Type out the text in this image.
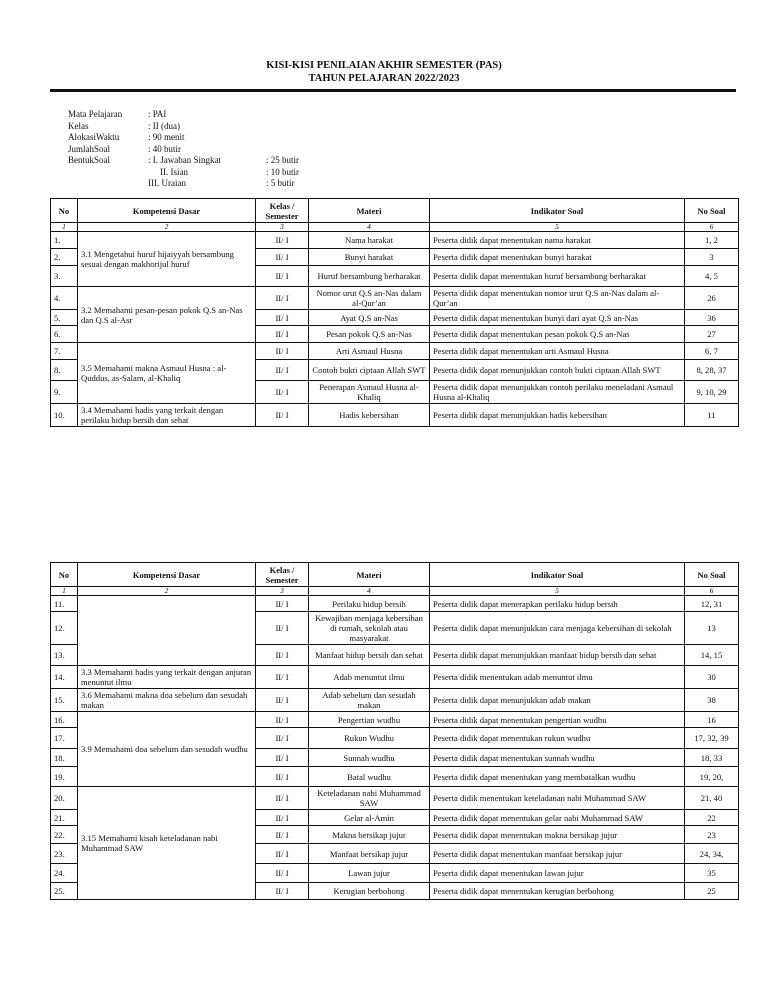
KISI-KISI PENILAIAN AKHIR SEMESTER (PAS)
TAHUN PELAJARAN 2022/2023
Mata Pelajaran	: PAI
Kelas	: II (dua)
AlokasiWaktu	: 90 menit
JumlahSoal	: 40 butir
BentukSoal	: I. Jawaban Singkat	: 25 butir
II. Isian	: 10 butir
III. Uraian	: 5 butir
No	Kompetensi Dasar	Kelas / Semester	Materi	Indikator Soal	No Soal
1	2	3	4	5	6
1.	3.1 Mengetahui huruf hijaiyyah bersambung sesuai dengan makhorijul huruf	II/ I	Nama harakat	Peserta didik dapat menentukan nama harakat	1, 2
2.		II/ I	Bunyi harakat	Peserta didik dapat menentukan bunyi harakat	3
3.		II/ I	Huruf bersambung berharakat	Peserta didik dapat menentukan huruf bersambung berharakat	4, 5
4.	3.2 Memahami pesan-pesan pokok Q.S an-Nas dan Q.S al-Asr	II/ I	Nomor urut Q.S an-Nas dalam al-Qur’an	Peserta didik dapat menentukan nomor urut Q.S an-Nas dalam al-Qur’an	26
5.		II/ I	Ayat Q.S an-Nas	Peserta didik dapat menentukan bunyi dari ayat Q.S an-Nas	36
6.		II/ I	Pesan pokok Q.S an-Nas	Peserta didik dapat menentukan pesan pokok Q.S an-Nas	27
7.	3.5 Memahami makna Asmaul Husna : al-Quddus, as-Salam, al-Khaliq	II/ I	Arti Asmaul Husna	Peserta didik dapat menentukan arti Asmaul Husna	6, 7
8.		II/ I	Contoh bukti ciptaan Allah SWT	Peserta didik dapat menunjukkan contoh bukti ciptaan Allah SWT	8, 28, 37
9.		II/ I	Penerapan Asmaul Husna al-Khaliq	Peserta didik dapat menunjukkan contoh perilaku meneladani Asmaul Husna al-Khaliq	9, 10, 29
10.	3.4 Memahami hadis yang terkait dengan perilaku hidup bersih dan sehat	II/ I	Hadis kebersihan	Peserta didik dapat menunjukkan hadis kebersihan	11
No	Kompetensi Dasar	Kelas / Semester	Materi	Indikator Soal	No Soal
1	2	3	4	5	6
11.		II/ I	Perilaku hidup bersih	Peserta didik dapat menerapkan perilaku hidup bersih	12, 31
12.		II/ I	Kewajiban menjaga kebersihan di rumah, sekolah atau masyarakat	Peserta didik dapat menunjukkan cara menjaga kebersihan di sekolah	13
13.		II/ I	Manfaat hidup bersih dan sehat	Peserta didik dapat menunjukkan manfaat hidup bersih dan sehat	14, 15
14.	3.3 Memahami hadis yang terkait dengan anjuran menuntut ilmu	II/ I	Adab menuntut ilmu	Peserta didik menentukan adab menuntut ilmu	30
15.	3.6 Memahami makna doa sebelum dan sesudah makan	II/ I	Adab sebelum dan sesudah makan	Peserta didik dapat menunjukkan adab makan	38
16.	3.9 Memahami doa sebelum dan sesudah wudhu	II/ I	Pengertian wudhu	Peserta didik dapat menentukan pengertian wudhu	16
17.		II/ I	Rukun Wudhu	Peserta didik dapat menentukan rukun wudhu	17, 32, 39
18.		II/ I	Sunnah wudhu	Peserta didik dapat menentukan sunnah wudhu	18, 33
19.		II/ I	Batal wudhu	Peserta didik dapat menentukan yang membatalkan wudhu	19, 20,
20.	3.15 Memahami kisah keteladanan nabi Muhammad SAW	II/ I	Keteladanan nabi Muhammad SAW	Peserta didik menentukan keteladanan nabi Muhammad SAW	21, 40
21.		II/ I	Gelar al-Amin	Peserta didik dapat menentukan gelar nabi Muhammad SAW	22
22.		II/ I	Makna bersikap jujur	Peserta didik dapat menentukan makna bersikap jujur	23
23.		II/ I	Manfaat bersikap jujur	Peserta didik dapat menentukan manfaat bersikap jujur	24, 34,
24.		II/ I	Lawan jujur	Peserta didik dapat menentukan lawan jujur	35
25.		II/ I	Kerugian berbohong	Peserta didik dapat menentukan kerugian berbohong	25
